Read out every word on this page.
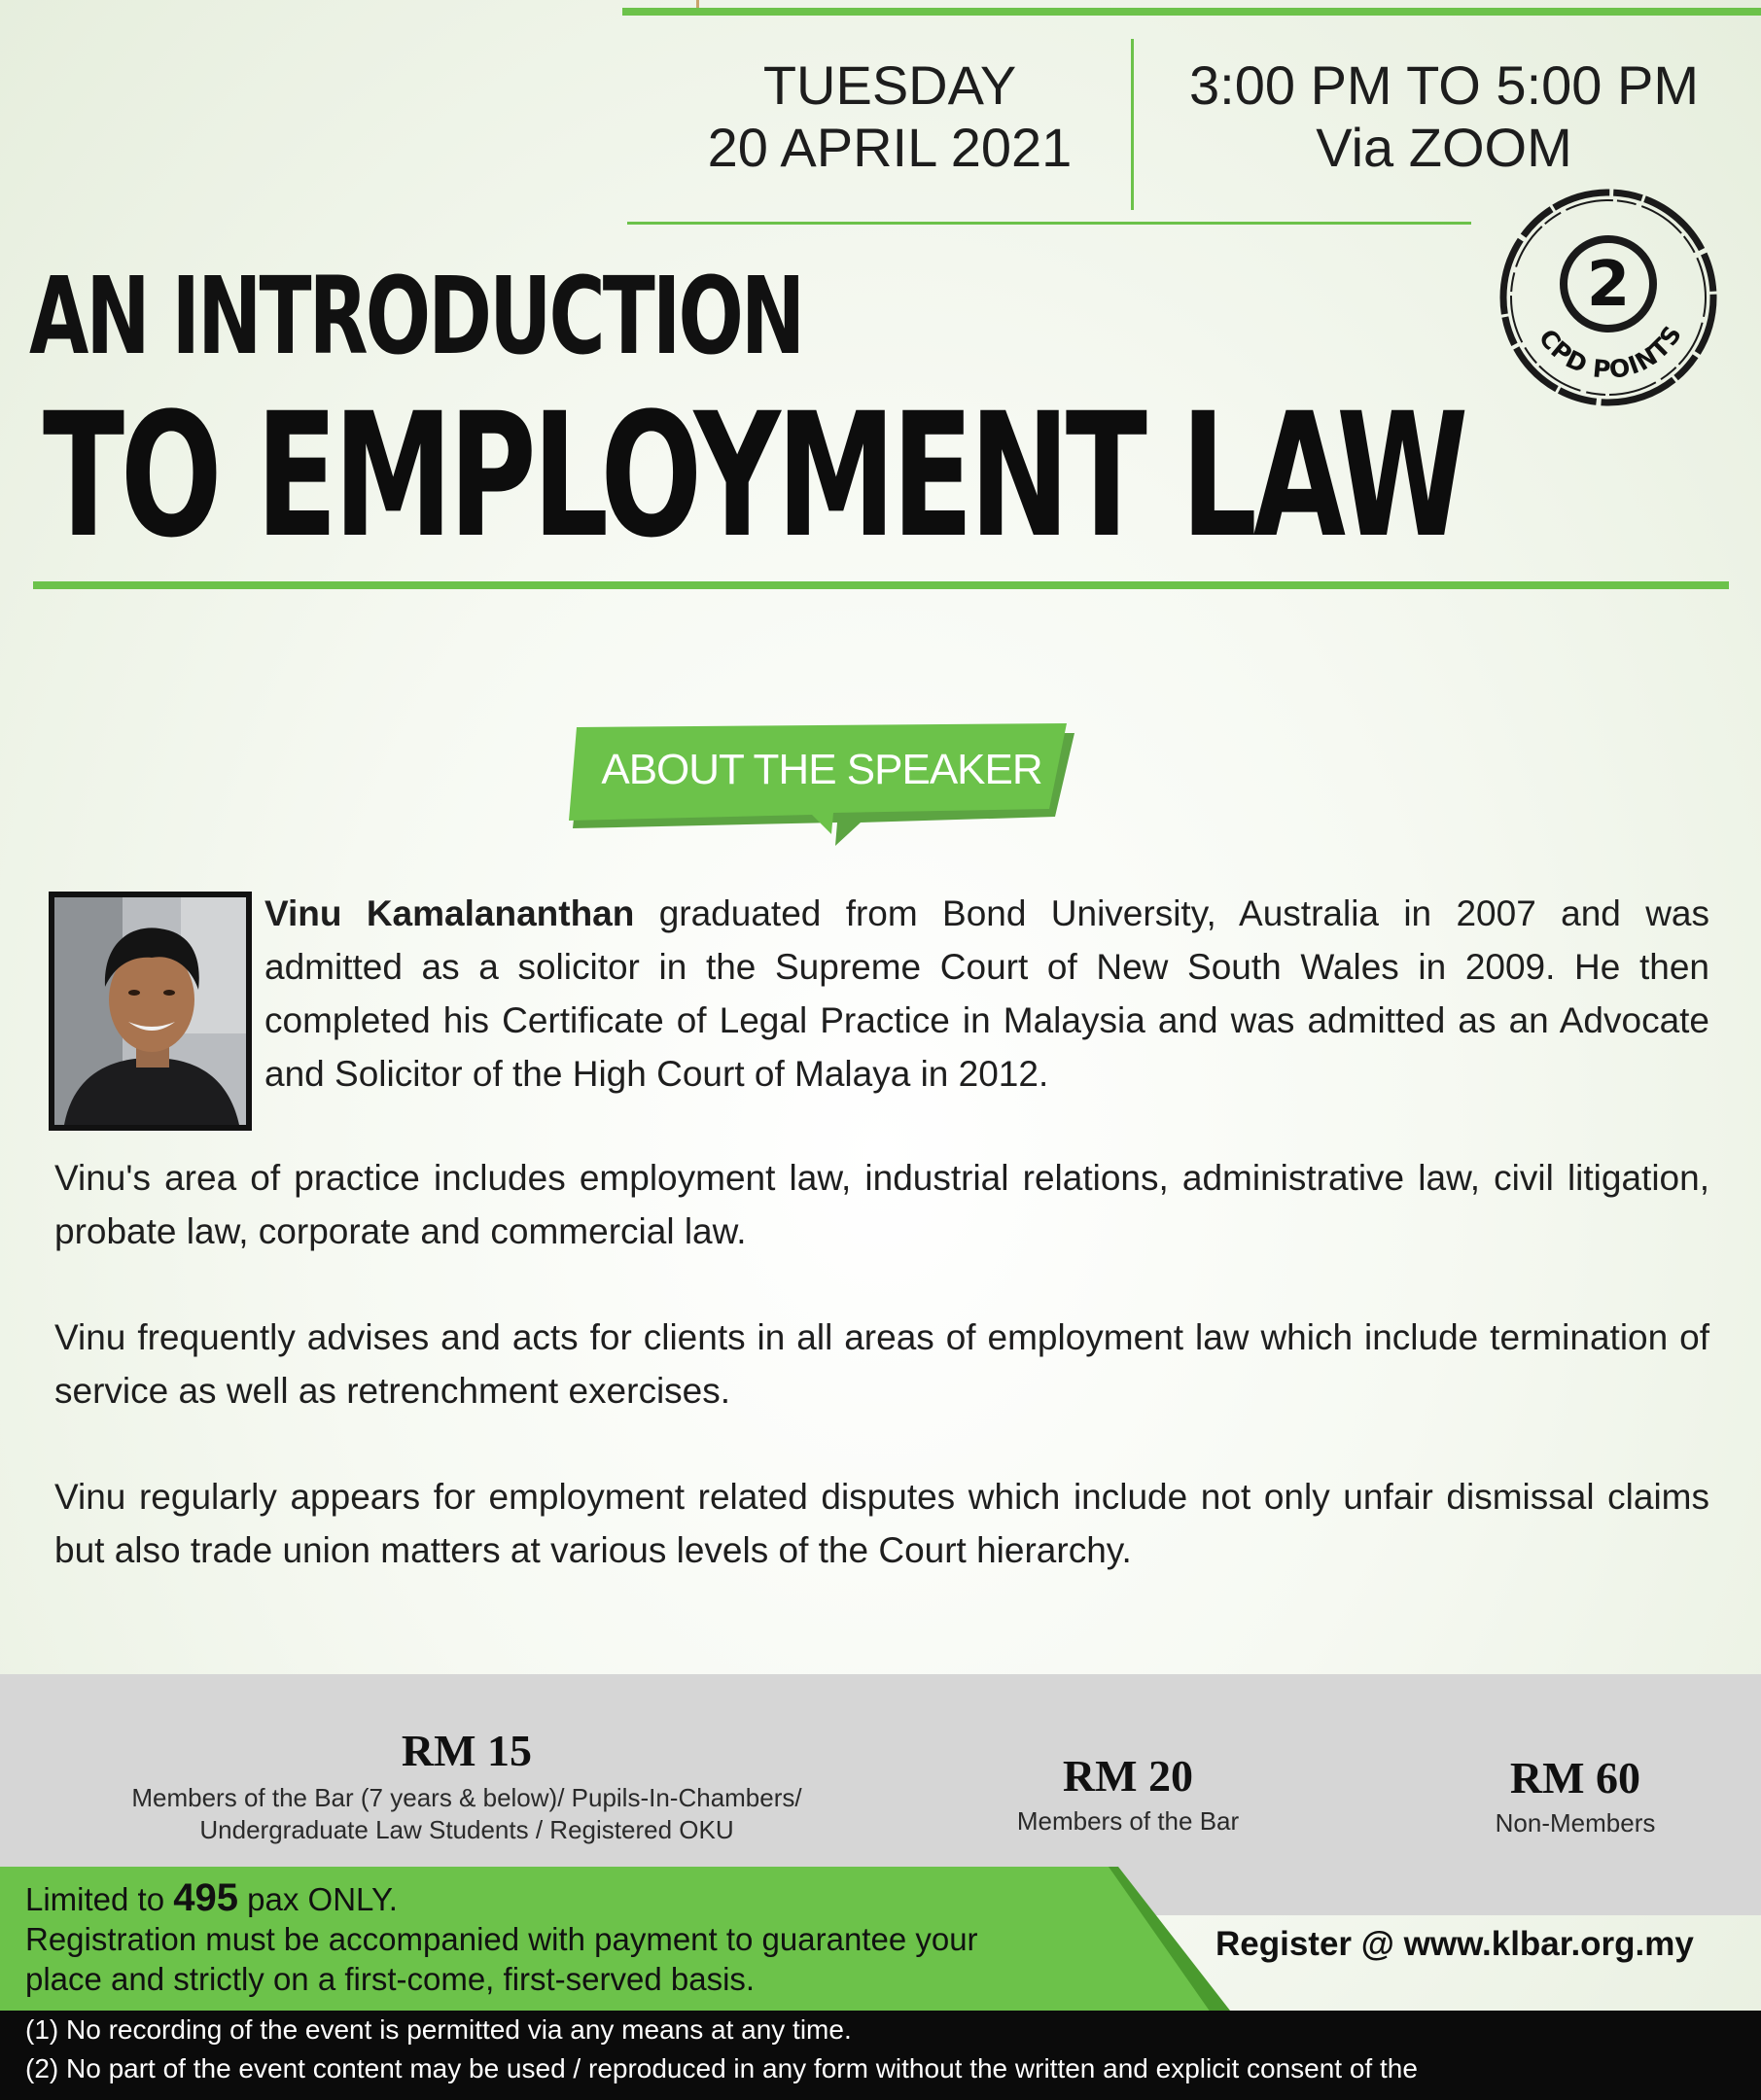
TUESDAY
20 APRIL 2021
3:00 PM TO 5:00 PM
Via ZOOM
2
CPD POINTS
AN INTRODUCTION
TO EMPLOYMENT LAW
ABOUT THE SPEAKER
Vinu Kamalananthan graduated from Bond University, Australia in 2007 and was admitted as a solicitor in the Supreme Court of New South Wales in 2009. He then completed his Certificate of Legal Practice in Malaysia and was admitted as an Advocate and Solicitor of the High Court of Malaya in 2012.
Vinu's area of practice includes employment law, industrial relations, administrative law, civil litigation, probate law, corporate and commercial law.
Vinu frequently advises and acts for clients in all areas of employment law which include termination of service as well as retrenchment exercises.
Vinu regularly appears for employment related disputes which include not only unfair dismissal claims but also trade union matters at various levels of the Court hierarchy.
RM 15
Members of the Bar (7 years & below)/ Pupils-In-Chambers/
Undergraduate Law Students / Registered OKU
RM 20
Members of the Bar
RM 60
Non-Members
Limited to 495 pax ONLY.
Registration must be accompanied with payment to guarantee your
place and strictly on a first-come, first-served basis.
Register @ www.klbar.org.my
(1) No recording of the event is permitted via any means at any time.
(2) No part of the event content may be used / reproduced in any form without the written and explicit consent of the
